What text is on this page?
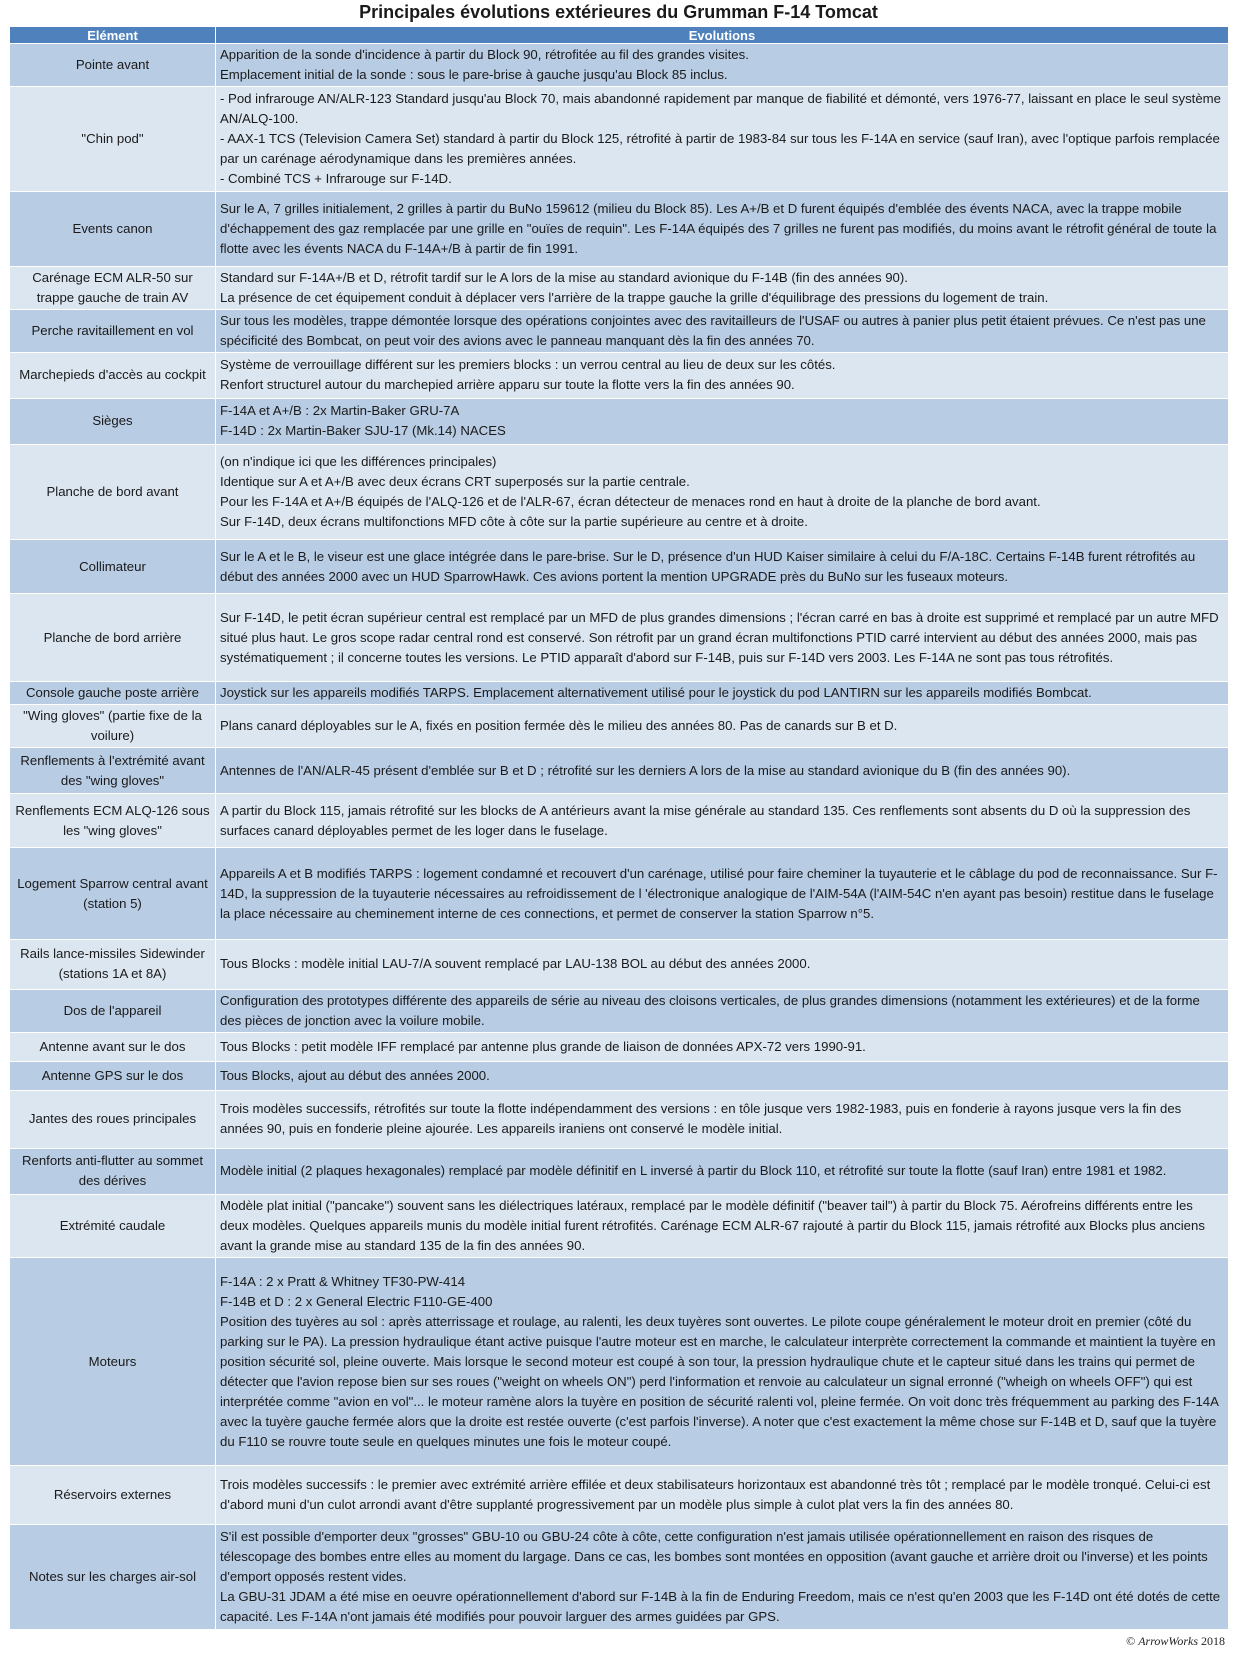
Principales évolutions extérieures du Grumman F-14 Tomcat
Elément	Evolutions
Pointe avant	Apparition de la sonde d'incidence à partir du Block 90, rétrofitée au fil des grandes visites.
Emplacement initial de la sonde : sous le pare-brise à gauche jusqu'au Block 85 inclus.

"Chin pod"	- Pod infrarouge AN/ALR-123 Standard jusqu'au Block 70, mais abandonné rapidement par manque de fiabilité et démonté, vers 1976-77, laissant en place le seul système AN/ALQ-100.
- AAX-1 TCS (Television Camera Set) standard à partir du Block 125, rétrofité à partir de 1983-84 sur tous les F-14A en service (sauf Iran), avec l'optique parfois remplacée par un carénage aérodynamique dans les premières années.
- Combiné TCS + Infrarouge sur F-14D.

Events canon	Sur le A, 7 grilles initialement, 2 grilles à partir du BuNo 159612 (milieu du Block 85). Les A+/B et D furent équipés d'emblée des évents NACA, avec la trappe mobile d'échappement des gaz remplacée par une grille en "ouïes de requin". Les F-14A équipés des 7 grilles ne furent pas modifiés, du moins avant le rétrofit général de toute la flotte avec les évents NACA du F-14A+/B à partir de fin 1991.

Carénage ECM ALR-50 sur trappe gauche de train AV	Standard sur F-14A+/B et D, rétrofit tardif sur le A lors de la mise au standard avionique du F-14B (fin des années 90).
La présence de cet équipement conduit à déplacer vers l'arrière de la trappe gauche la grille d'équilibrage des pressions du logement de train.

Perche ravitaillement en vol	Sur tous les modèles, trappe démontée lorsque des opérations conjointes avec des ravitailleurs de l'USAF ou autres à panier plus petit étaient prévues. Ce n'est pas une spécificité des Bombcat, on peut voir des avions avec le panneau manquant dès la fin des années 70.

Marchepieds d'accès au cockpit	Système de verrouillage différent sur les premiers blocks : un verrou central au lieu de deux sur les côtés.
Renfort structurel autour du marchepied arrière apparu sur toute la flotte vers la fin des années 90.

Sièges	F-14A et A+/B : 2x Martin-Baker GRU-7A
F-14D : 2x Martin-Baker SJU-17 (Mk.14) NACES

Planche de bord avant	(on n'indique ici que les différences principales)
Identique sur A et A+/B avec deux écrans CRT superposés sur la partie centrale.
Pour les F-14A et A+/B équipés de l'ALQ-126 et de l'ALR-67, écran détecteur de menaces rond en haut à droite de la planche de bord avant.
Sur F-14D, deux écrans multifonctions MFD côte à côte sur la partie supérieure au centre et à droite.

Collimateur	Sur le A et le B, le viseur est une glace intégrée dans le pare-brise. Sur le D, présence d'un HUD Kaiser similaire à celui du F/A-18C. Certains F-14B furent rétrofités au début des années 2000 avec un HUD SparrowHawk. Ces avions portent la mention UPGRADE près du BuNo sur les fuseaux moteurs.

Planche de bord arrière	Sur F-14D, le petit écran supérieur central est remplacé par un MFD de plus grandes dimensions ; l'écran carré en bas à droite est supprimé et remplacé par un autre MFD situé plus haut. Le gros scope radar central rond est conservé. Son rétrofit par un grand écran multifonctions PTID carré intervient au début des années 2000, mais pas systématiquement ; il concerne toutes les versions. Le PTID apparaît d'abord sur F-14B, puis sur F-14D vers 2003. Les F-14A ne sont pas tous rétrofités.

Console gauche poste arrière	Joystick sur les appareils modifiés TARPS. Emplacement alternativement utilisé pour le joystick du pod LANTIRN sur les appareils modifiés Bombcat.

"Wing gloves" (partie fixe de la voilure)	Plans canard déployables sur le A, fixés en position fermée dès le milieu des années 80. Pas de canards sur B et D.

Renflements à l'extrémité avant des "wing gloves"	Antennes de l'AN/ALR-45 présent d'emblée sur B et D ; rétrofité sur les derniers A lors de la mise au standard avionique du B (fin des années 90).

Renflements ECM ALQ-126 sous les "wing gloves"	A partir du Block 115, jamais rétrofité sur les blocks de A antérieurs avant la mise générale au standard 135. Ces renflements sont absents du D où la suppression des surfaces canard déployables permet de les loger dans le fuselage.

Logement Sparrow central avant (station 5)	Appareils A et B modifiés TARPS : logement condamné et recouvert d'un carénage, utilisé pour faire cheminer la tuyauterie et le câblage du pod de reconnaissance. Sur F-14D, la suppression de la tuyauterie nécessaires au refroidissement de l 'électronique analogique de l'AIM-54A (l'AIM-54C n'en ayant pas besoin) restitue dans le fuselage la place nécessaire au cheminement interne de ces connections, et permet de conserver la station Sparrow n°5.

Rails lance-missiles Sidewinder (stations 1A et 8A)	Tous Blocks : modèle initial LAU-7/A souvent remplacé par LAU-138 BOL au début des années 2000.

Dos de l'appareil	Configuration des prototypes différente des appareils de série au niveau des cloisons verticales, de plus grandes dimensions (notamment les extérieures) et de la forme des pièces de jonction avec la voilure mobile.

Antenne avant sur le dos	Tous Blocks : petit modèle IFF remplacé par antenne plus grande de liaison de données APX-72 vers 1990-91.

Antenne GPS sur le dos	Tous Blocks, ajout au début des années 2000.

Jantes des roues principales	Trois modèles successifs, rétrofités sur toute la flotte indépendamment des versions : en tôle jusque vers 1982-1983, puis en fonderie à rayons jusque vers la fin des années 90, puis en fonderie pleine ajourée. Les appareils iraniens ont conservé le modèle initial.

Renforts anti-flutter au sommet des dérives	Modèle initial (2 plaques hexagonales) remplacé par modèle définitif en L inversé à partir du Block 110, et rétrofité sur toute la flotte (sauf Iran) entre 1981 et 1982.

Extrémité caudale	Modèle plat initial ("pancake") souvent sans les diélectriques latéraux, remplacé par le modèle définitif ("beaver tail") à partir du Block 75. Aérofreins différents entre les deux modèles. Quelques appareils munis du modèle initial furent rétrofités. Carénage ECM ALR-67 rajouté à partir du Block 115, jamais rétrofité aux Blocks plus anciens avant la grande mise au standard 135 de la fin des années 90.

Moteurs	F-14A : 2 x Pratt & Whitney TF30-PW-414
F-14B et D : 2 x General Electric F110-GE-400
Position des tuyères au sol : après atterrissage et roulage, au ralenti, les deux tuyères sont ouvertes. Le pilote coupe généralement le moteur droit en premier (côté du parking sur le PA). La pression hydraulique étant active puisque l'autre moteur est en marche, le calculateur interprète correctement la commande et maintient la tuyère en position sécurité sol, pleine ouverte. Mais lorsque le second moteur est coupé à son tour, la pression hydraulique chute et le capteur situé dans les trains qui permet de détecter que l'avion repose bien sur ses roues ("weight on wheels ON") perd l'information et renvoie au calculateur un signal erronné ("wheigh on wheels OFF") qui est interprétée comme "avion en vol"... le moteur ramène alors la tuyère en position de sécurité ralenti vol, pleine fermée. On voit donc très fréquemment au parking des F-14A avec la tuyère gauche fermée alors que la droite est restée ouverte (c'est parfois l'inverse). A noter que c'est exactement la même chose sur F-14B et D, sauf que la tuyère du F110 se rouvre toute seule en quelques minutes une fois le moteur coupé.

Réservoirs externes	Trois modèles successifs : le premier avec extrémité arrière effilée et deux stabilisateurs horizontaux est abandonné très tôt ; remplacé par le modèle tronqué. Celui-ci est d'abord muni d'un culot arrondi avant d'être supplanté progressivement par un modèle plus simple à culot plat vers la fin des années 80.

Notes sur les charges air-sol	S'il est possible d'emporter deux "grosses" GBU-10 ou GBU-24 côte à côte, cette configuration n'est jamais utilisée opérationnellement en raison des risques de télescopage des bombes entre elles au moment du largage. Dans ce cas, les bombes sont montées en opposition (avant gauche et arrière droit ou l'inverse) et les points d'emport opposés restent vides.
La GBU-31 JDAM a été mise en oeuvre opérationnellement d'abord sur F-14B à la fin de Enduring Freedom, mais ce n'est qu'en 2003 que les F-14D ont été dotés de cette capacité. Les F-14A n'ont jamais été modifiés pour pouvoir larguer des armes guidées par GPS.
© ArrowWorks 2018
